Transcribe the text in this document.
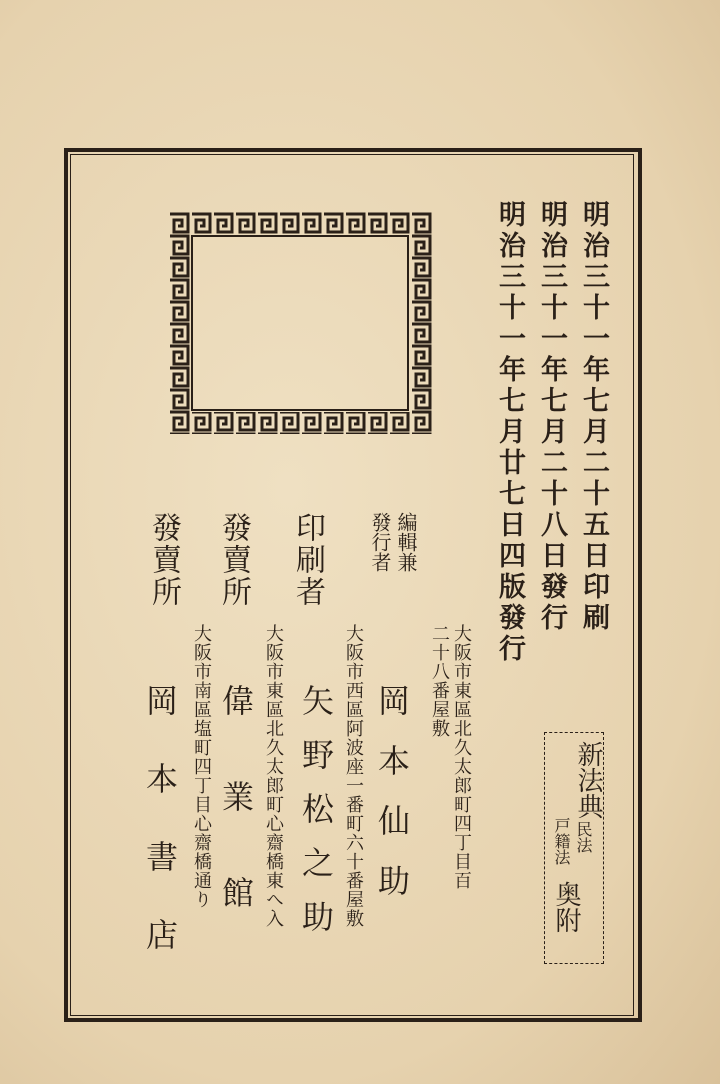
明治三十一年七月二十五日印刷
明治三十一年七月二十八日發行
明治三十一年七月廿七日四版發行
新法典
民法
戸籍法
奥附
編輯兼
發行者
大阪市東區北久太郎町四丁目百
二十八番屋敷
岡本仙助
印刷者
大阪市西區阿波座一番町六十番屋敷
矢野松之助
發賣所
大阪市東區北久太郎町心齋橋東へ入
偉業館
發賣所
大阪市南區塩町四丁目心齋橋通り
岡本書店
